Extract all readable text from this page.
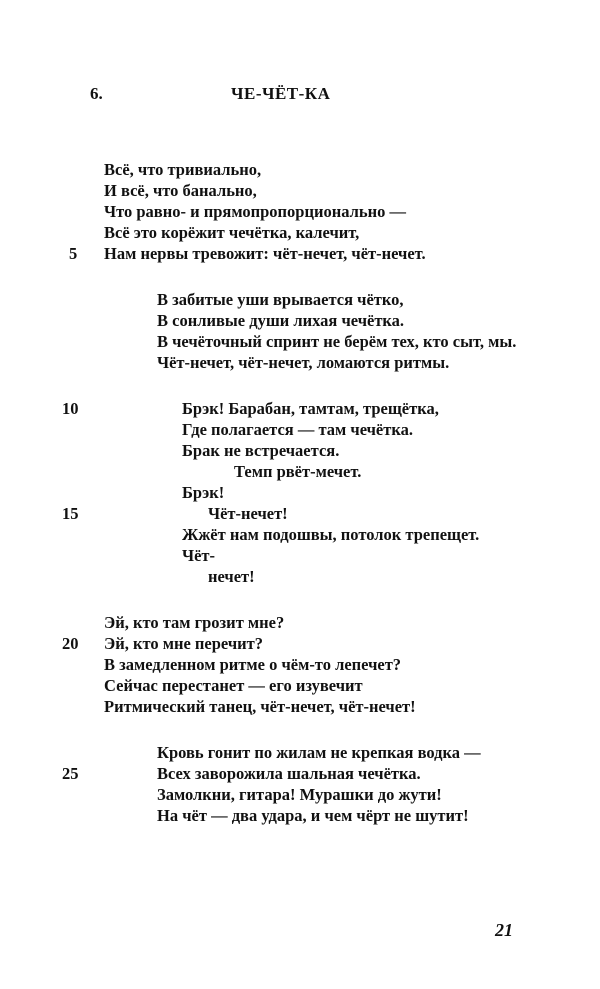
6.	ЧЕ-ЧЁТ-КА
Всё, что тривиально,
И всё, что банально,
Что равно- и прямопропорционально —
Всё это корёжит чечётка, калечит,
Нам нервы тревожит: чёт-нечет, чёт-нечет.
В забитые уши врывается чётко,
В сонливые души лихая чечётка.
В чечёточный спринт не берём тех, кто сыт, мы.
Чёт-нечет, чёт-нечет, ломаются ритмы.
Брэк! Барабан, тамтам, трещётка,
Где полагается — там чечётка.
Брак не встречается.
Темп рвёт-мечет.
Брэк!
Чёт-нечет!
Жжёт нам подошвы, потолок трепещет.
Чёт-
нечет!
Эй, кто там грозит мне?
Эй, кто мне перечит?
В замедленном ритме о чём-то лепечет?
Сейчас перестанет — его изувечит
Ритмический танец, чёт-нечет, чёт-нечет!
Кровь гонит по жилам не крепкая водка —
Всех заворожила шальная чечётка.
Замолкни, гитара! Мурашки до жути!
На чёт — два удара, и чем чёрт не шутит!
5
10
15
20
25
21
